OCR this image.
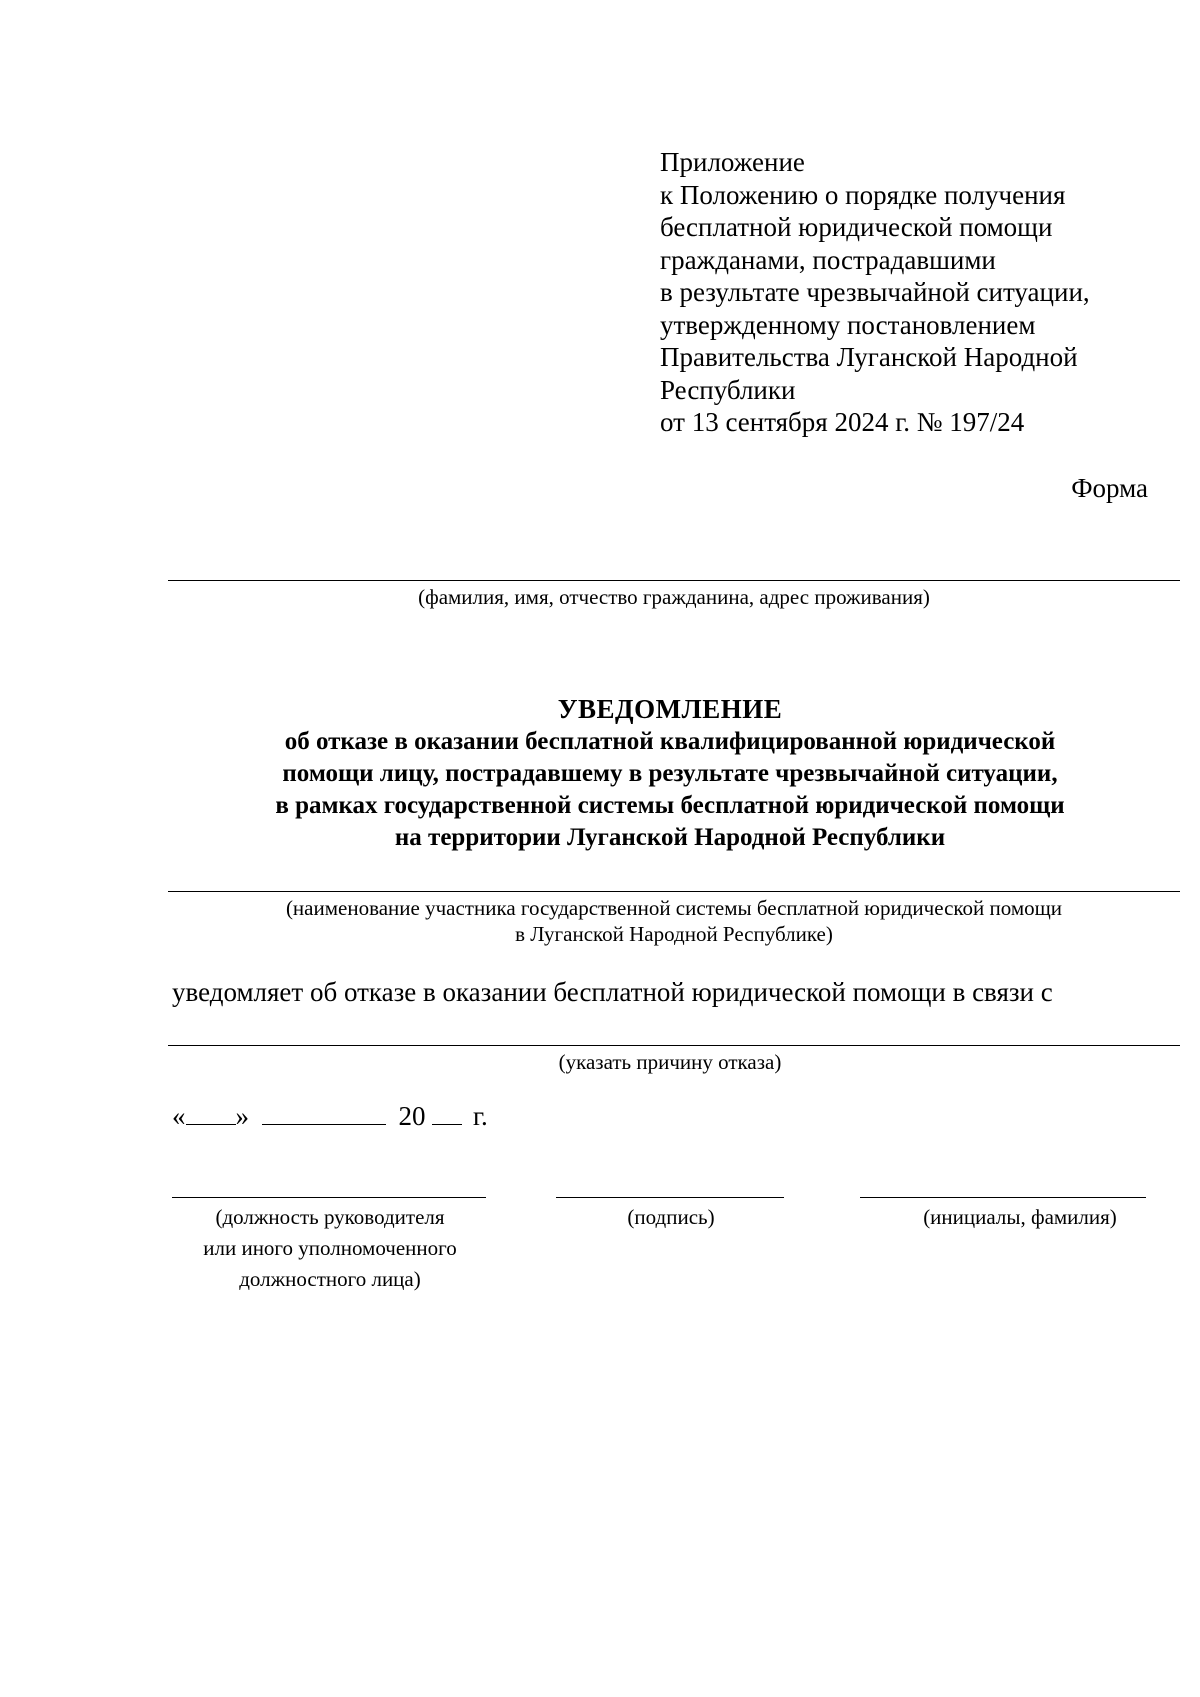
Приложение
к Положению о порядке получения
бесплатной юридической помощи
гражданами, пострадавшими
в результате чрезвычайной ситуации,
утвержденному постановлением
Правительства Луганской Народной
Республики
от 13 сентября 2024 г. № 197/24
Форма
(фамилия, имя, отчество гражданина, адрес проживания)
УВЕДОМЛЕНИЕ
об отказе в оказании бесплатной квалифицированной юридической
помощи лицу, пострадавшему в результате чрезвычайной ситуации,
в рамках государственной системы бесплатной юридической помощи
на территории Луганской Народной Республики
(наименование участника государственной системы бесплатной юридической помощи
в Луганской Народной Республике)
уведомляет об отказе в оказании бесплатной юридической помощи в связи с
(указать причину отказа)
« »	20 г.
(должность руководителя
или иного уполномоченного
должностного лица)
(подпись)	(инициалы, фамилия)
